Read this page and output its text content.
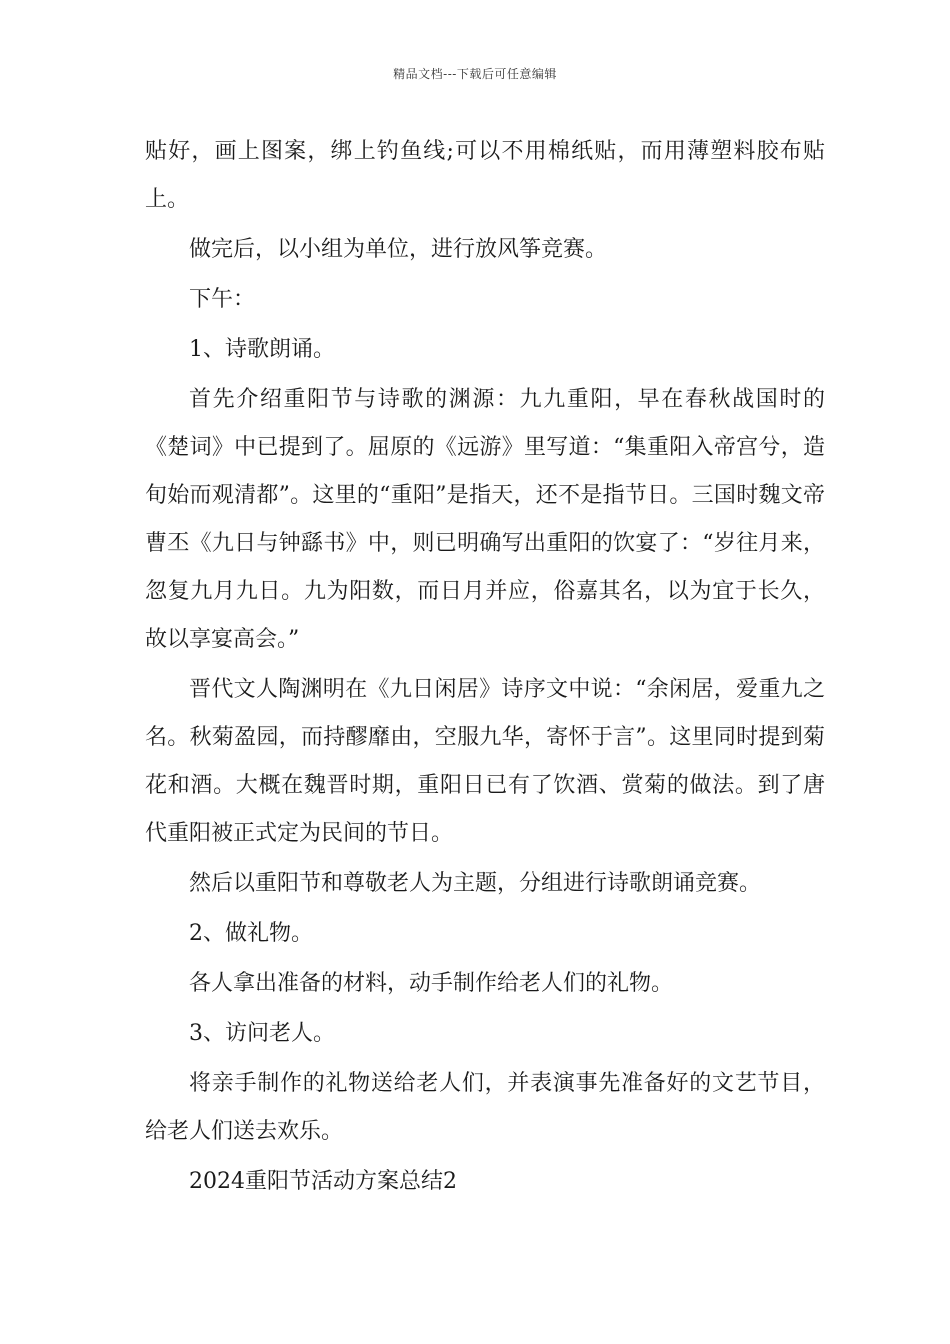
精品文档---下载后可任意编辑

贴好，画上图案，绑上钓鱼线;可以不用棉纸贴，而用薄塑料胶布贴上。

做完后，以小组为单位，进行放风筝竞赛。

下午：

1、诗歌朗诵。

首先介绍重阳节与诗歌的渊源：九九重阳，早在春秋战国时的《楚词》中已提到了。屈原的《远游》里写道：“集重阳入帝宫兮，造旬始而观清都”。这里的“重阳”是指天，还不是指节日。三国时魏文帝曹丕《九日与钟繇书》中，则已明确写出重阳的饮宴了：“岁往月来，忽复九月九日。九为阳数，而日月并应，俗嘉其名，以为宜于长久，故以享宴高会。”

晋代文人陶渊明在《九日闲居》诗序文中说：“余闲居，爱重九之名。秋菊盈园，而持醪靡由，空服九华，寄怀于言”。这里同时提到菊花和酒。大概在魏晋时期，重阳日已有了饮酒、赏菊的做法。到了唐代重阳被正式定为民间的节日。

然后以重阳节和尊敬老人为主题，分组进行诗歌朗诵竞赛。

2、做礼物。

各人拿出准备的材料，动手制作给老人们的礼物。

3、访问老人。

将亲手制作的礼物送给老人们，并表演事先准备好的文艺节目，给老人们送去欢乐。

2024重阳节活动方案总结2
